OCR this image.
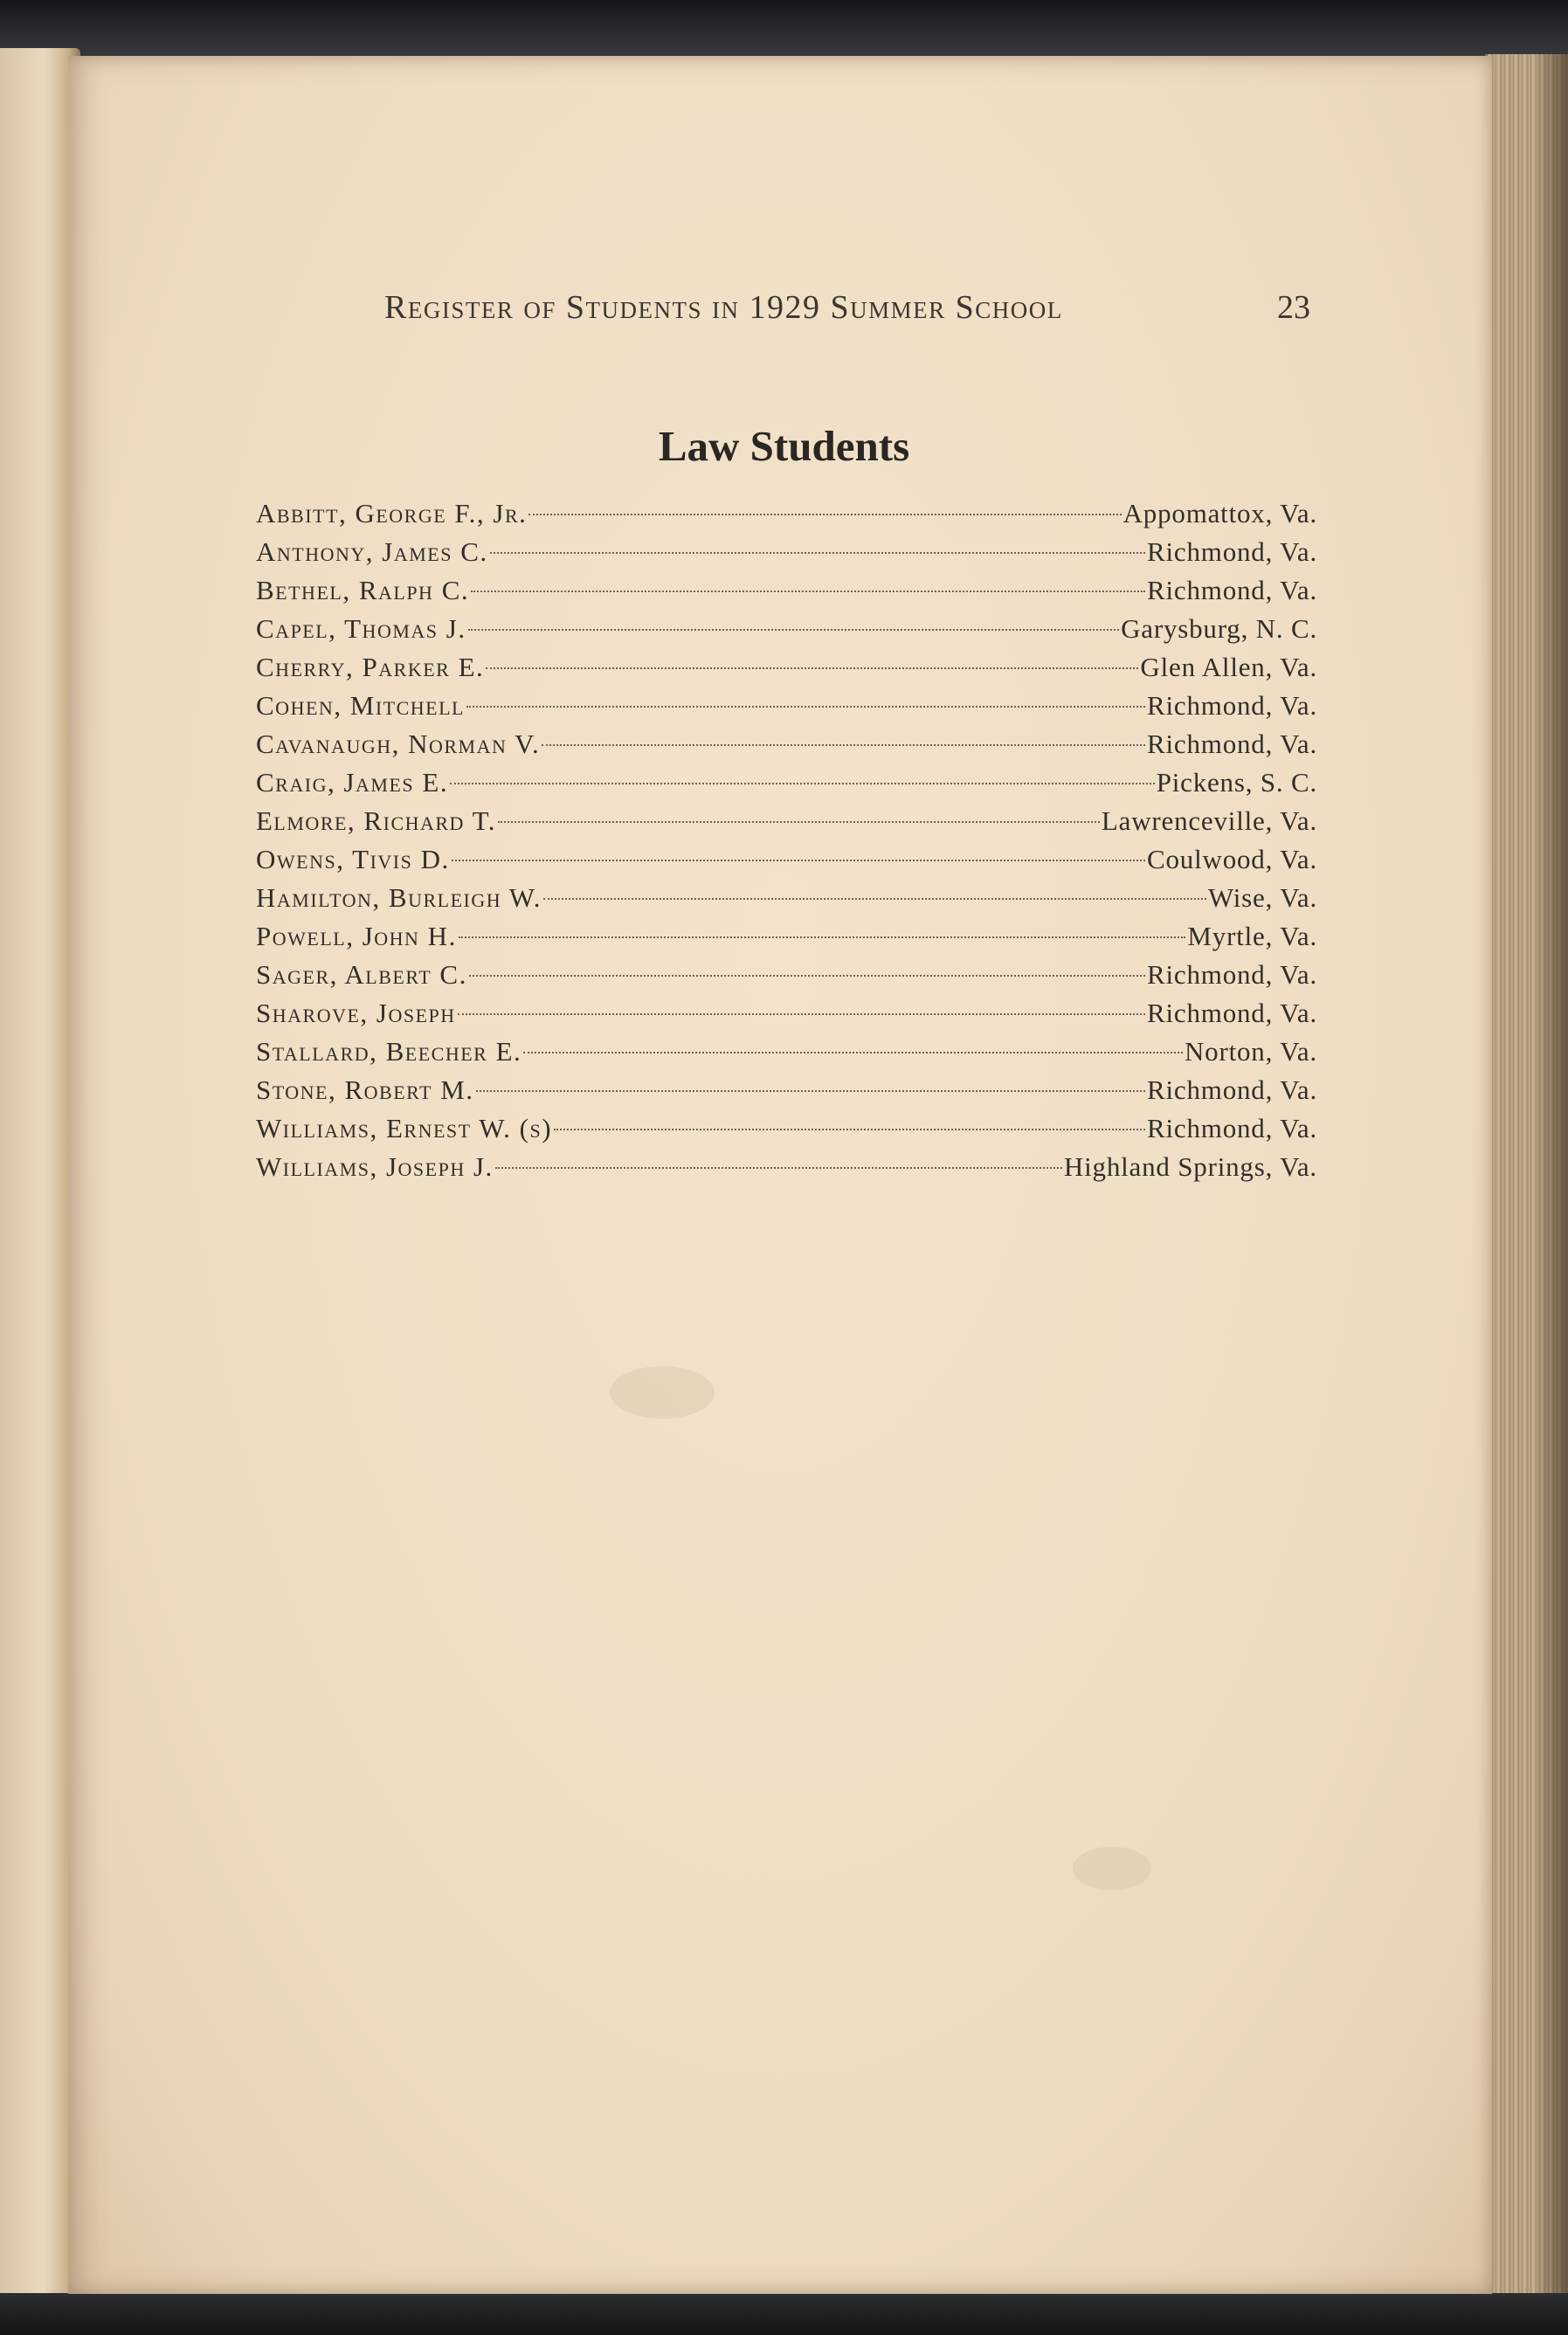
Register of Students in 1929 Summer School	23
Law Students
Abbitt, George F., Jr.	Appomattox, Va.
Anthony, James C.	Richmond, Va.
Bethel, Ralph C.	Richmond, Va.
Capel, Thomas J.	Garysburg, N. C.
Cherry, Parker E.	Glen Allen, Va.
Cohen, Mitchell	Richmond, Va.
Cavanaugh, Norman V.	Richmond, Va.
Craig, James E.	Pickens, S. C.
Elmore, Richard T.	Lawrenceville, Va.
Owens, Tivis D.	Coulwood, Va.
Hamilton, Burleigh W.	Wise, Va.
Powell, John H.	Myrtle, Va.
Sager, Albert C.	Richmond, Va.
Sharove, Joseph	Richmond, Va.
Stallard, Beecher E.	Norton, Va.
Stone, Robert M.	Richmond, Va.
Williams, Ernest W. (s)	Richmond, Va.
Williams, Joseph J.	Highland Springs, Va.
